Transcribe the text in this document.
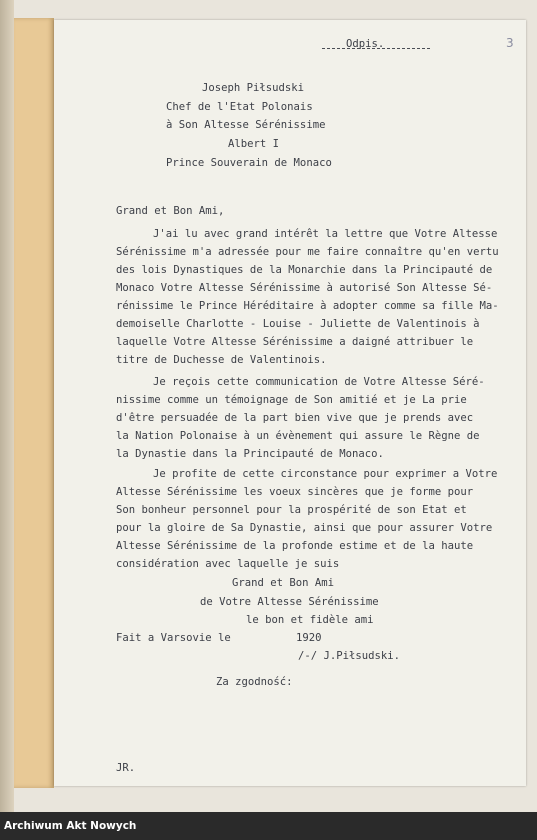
Odpis.	3
Joseph Piłsudski
Chef de l'Etat Polonais
à Son Altesse Sérénissime
Albert I
Prince Souverain de Monaco
Grand et Bon Ami,
J'ai lu avec grand intérêt la lettre que Votre Altesse
Sérénissime m'a adressée pour me faire connaître qu'en vertu
des lois Dynastiques de la Monarchie dans la Principauté de
Monaco Votre Altesse Sérénissime à autorisé Son Altesse Sé-
rénissime le Prince Héréditaire à adopter comme sa fille Ma-
demoiselle Charlotte - Louise - Juliette de Valentinois à
laquelle Votre Altesse Sérénissime a daigné attribuer le
titre de Duchesse de Valentinois.
Je reçois cette communication de Votre Altesse Séré-
nissime comme un témoignage de Son amitié et je La prie
d'être persuadée de la part bien vive que je prends avec
la Nation Polonaise à un évènement qui assure le Règne de
la Dynastie dans la Principauté de Monaco.
Je profite de cette circonstance pour exprimer a Votre
Altesse Sérénissime les voeux sincères que je forme pour
Son bonheur personnel pour la prospérité de son Etat et
pour la gloire de Sa Dynastie, ainsi que pour assurer Votre
Altesse Sérénissime de la profonde estime et de la haute
considération avec laquelle je suis
Grand et Bon Ami
de Votre Altesse Sérénissime
le bon et fidèle ami
Fait a Varsovie le	1920
/-/ J.Piłsudski.
Za zgodność:
JR.
Archiwum Akt Nowych
